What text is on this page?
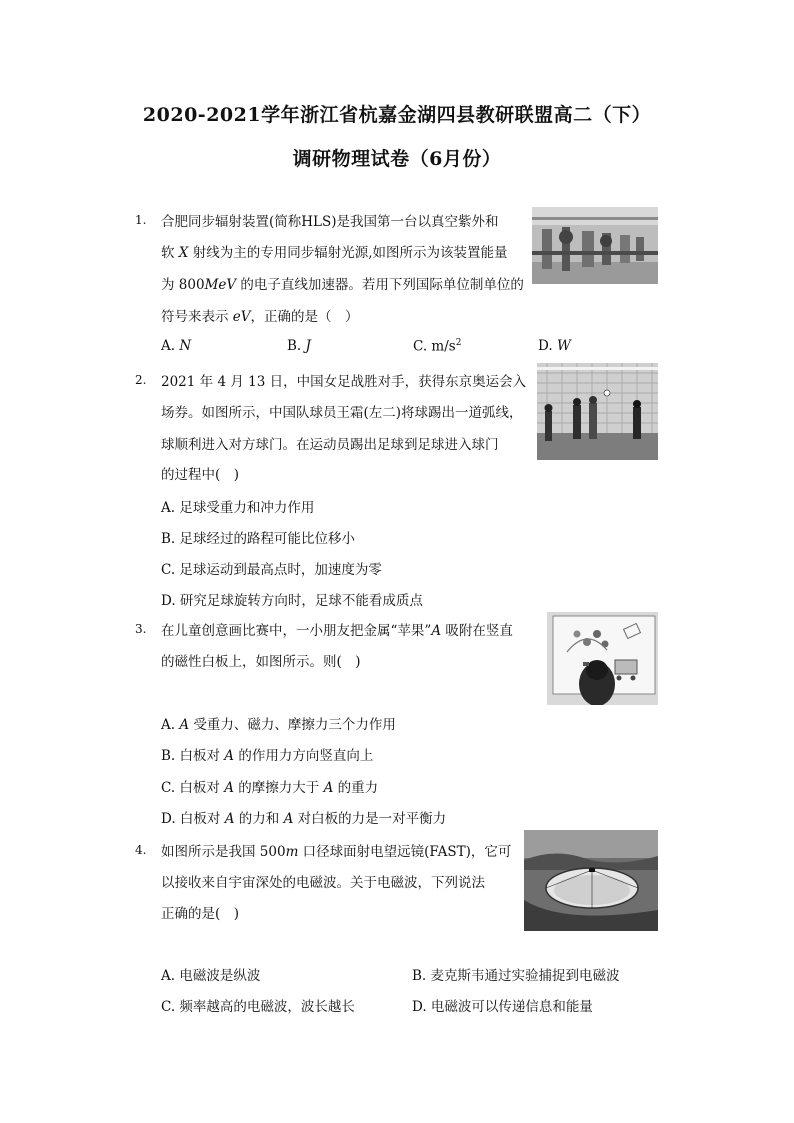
2020-2021学年浙江省杭嘉金湖四县教研联盟高二（下）
调研物理试卷（6月份）
1. 合肥同步辐射装置(简称HLS)是我国第一台以真空紫外和
软 X 射线为主的专用同步辐射光源,如图所示为该装置能量
为 800MeV 的电子直线加速器。若用下列国际单位制单位的
符号来表示 eV，正确的是（　）
A. N	B. J	C. $m/s^2$	D. W
2. 2021 年 4 月 13 日，中国女足战胜对手，获得东京奥运会入
场券。如图所示，中国队球员王霜(左二)将球踢出一道弧线，
球顺利进入对方球门。在运动员踢出足球到足球进入球门
的过程中(　)
A. 足球受重力和冲力作用
B. 足球经过的路程可能比位移小
C. 足球运动到最高点时，加速度为零
D. 研究足球旋转方向时，足球不能看成质点
3. 在儿童创意画比赛中，一小朋友把金属“苹果”A 吸附在竖直
的磁性白板上，如图所示。则(　)
A. A 受重力、磁力、摩擦力三个力作用
B. 白板对 A 的作用力方向竖直向上
C. 白板对 A 的摩擦力大于 A 的重力
D. 白板对 A 的力和 A 对白板的力是一对平衡力
4. 如图所示是我国 500m 口径球面射电望远镜(FAST)，它可
以接收来自宇宙深处的电磁波。关于电磁波，下列说法
正确的是(　)
A. 电磁波是纵波	B. 麦克斯韦通过实验捕捉到电磁波
C. 频率越高的电磁波，波长越长	D. 电磁波可以传递信息和能量
